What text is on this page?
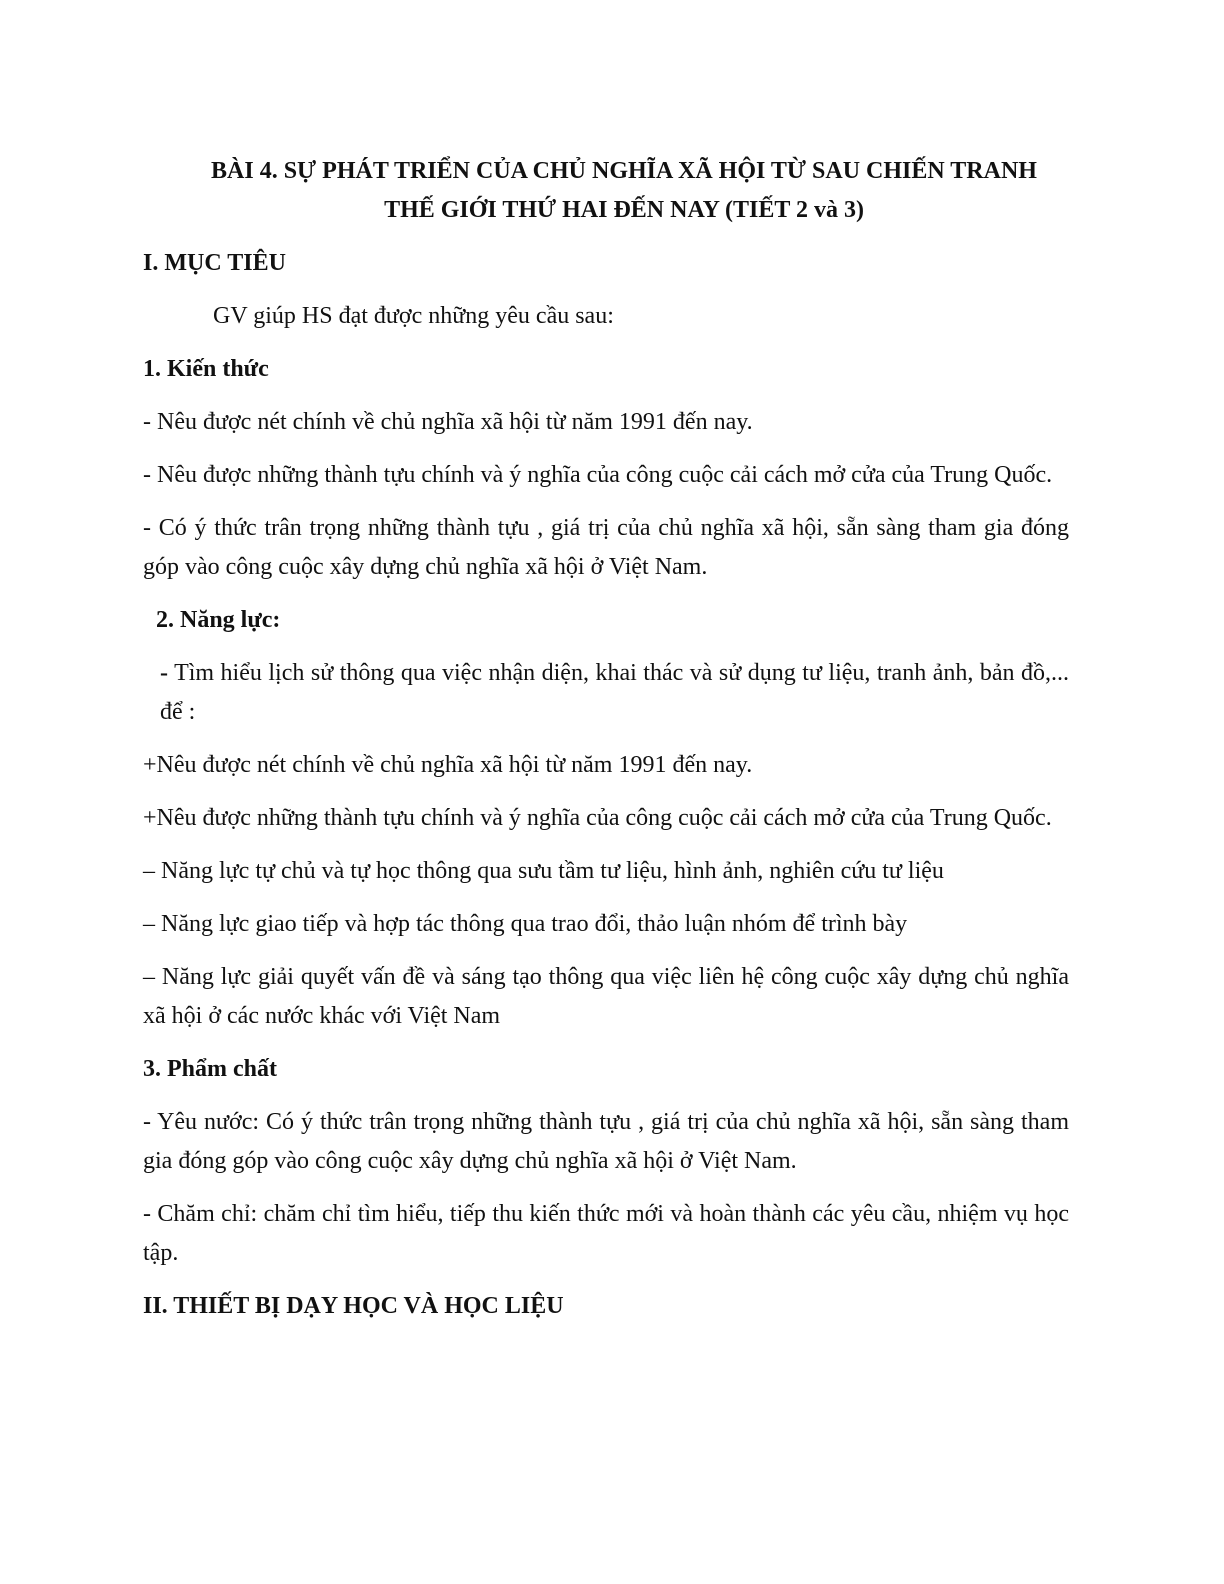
BÀI 4. SỰ PHÁT TRIỂN CỦA CHỦ NGHĨA XÃ HỘI TỪ SAU CHIẾN TRANH
THẾ GIỚI THỨ HAI ĐẾN NAY (TIẾT 2 và 3)
I. MỤC TIÊU
GV giúp HS đạt được những yêu cầu sau:
1. Kiến thức
- Nêu được nét chính về chủ nghĩa xã hội từ năm 1991 đến nay.
- Nêu được những thành tựu chính và ý nghĩa của công cuộc cải cách mở cửa của Trung Quốc.
- Có ý thức trân trọng những thành tựu , giá trị của chủ nghĩa xã hội, sẵn sàng tham gia đóng góp vào công cuộc xây dựng chủ nghĩa xã hội ở Việt Nam.
2. Năng lực:
- Tìm hiểu lịch sử thông qua việc nhận diện, khai thác và sử dụng tư liệu, tranh ảnh, bản đồ,... để :
+Nêu được nét chính về chủ nghĩa xã hội từ năm 1991 đến nay.
+Nêu được những thành tựu chính và ý nghĩa của công cuộc cải cách mở cửa của Trung Quốc.
– Năng lực tự chủ và tự học thông qua sưu tầm tư liệu, hình ảnh, nghiên cứu tư liệu
– Năng lực giao tiếp và hợp tác thông qua trao đổi, thảo luận nhóm để trình bày
– Năng lực giải quyết vấn đề và sáng tạo thông qua việc liên hệ công cuộc xây dựng chủ nghĩa xã hội ở các nước khác với Việt Nam
3. Phẩm chất
- Yêu nước: Có ý thức trân trọng những thành tựu , giá trị của chủ nghĩa xã hội, sẵn sàng tham gia đóng góp vào công cuộc xây dựng chủ nghĩa xã hội ở Việt Nam.
- Chăm chỉ: chăm chỉ tìm hiểu, tiếp thu kiến thức mới và hoàn thành các yêu cầu, nhiệm vụ học tập.
II. THIẾT BỊ DẠY HỌC VÀ HỌC LIỆU
